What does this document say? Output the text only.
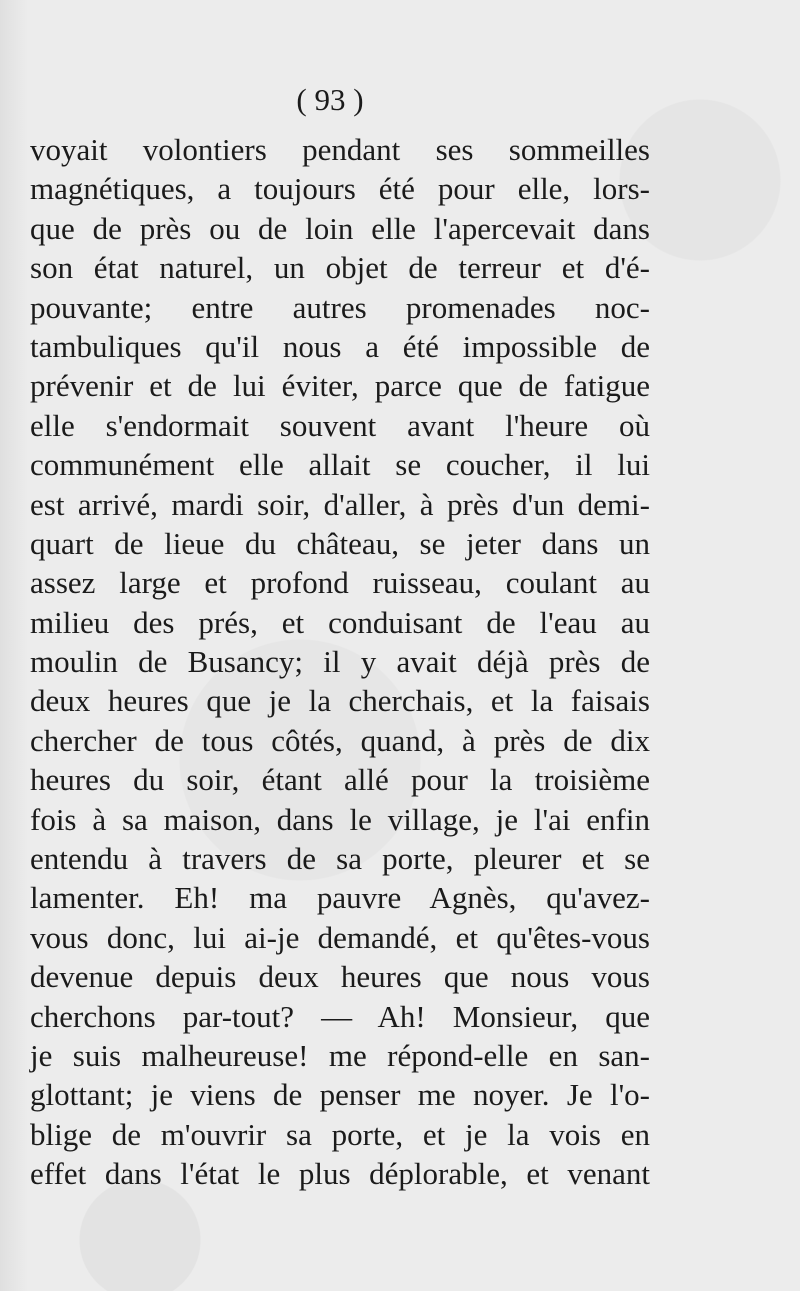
( 93 )
voyait volontiers pendant ses sommeilles
magnétiques, a toujours été pour elle, lors-
que de près ou de loin elle l'apercevait dans
son état naturel, un objet de terreur et d'é-
pouvante; entre autres promenades noc-
tambuliques qu'il nous a été impossible de
prévenir et de lui éviter, parce que de fatigue
elle s'endormait souvent avant l'heure où
communément elle allait se coucher, il lui
est arrivé, mardi soir, d'aller, à près d'un demi-
quart de lieue du château, se jeter dans un
assez large et profond ruisseau, coulant au
milieu des prés, et conduisant de l'eau au
moulin de Busancy; il y avait déjà près de
deux heures que je la cherchais, et la faisais
chercher de tous côtés, quand, à près de dix
heures du soir, étant allé pour la troisième
fois à sa maison, dans le village, je l'ai enfin
entendu à travers de sa porte, pleurer et se
lamenter. Eh! ma pauvre Agnès, qu'avez-
vous donc, lui ai-je demandé, et qu'êtes-vous
devenue depuis deux heures que nous vous
cherchons par-tout? — Ah! Monsieur, que
je suis malheureuse! me répond-elle en san-
glottant; je viens de penser me noyer. Je l'o-
blige de m'ouvrir sa porte, et je la vois en
effet dans l'état le plus déplorable, et venant
